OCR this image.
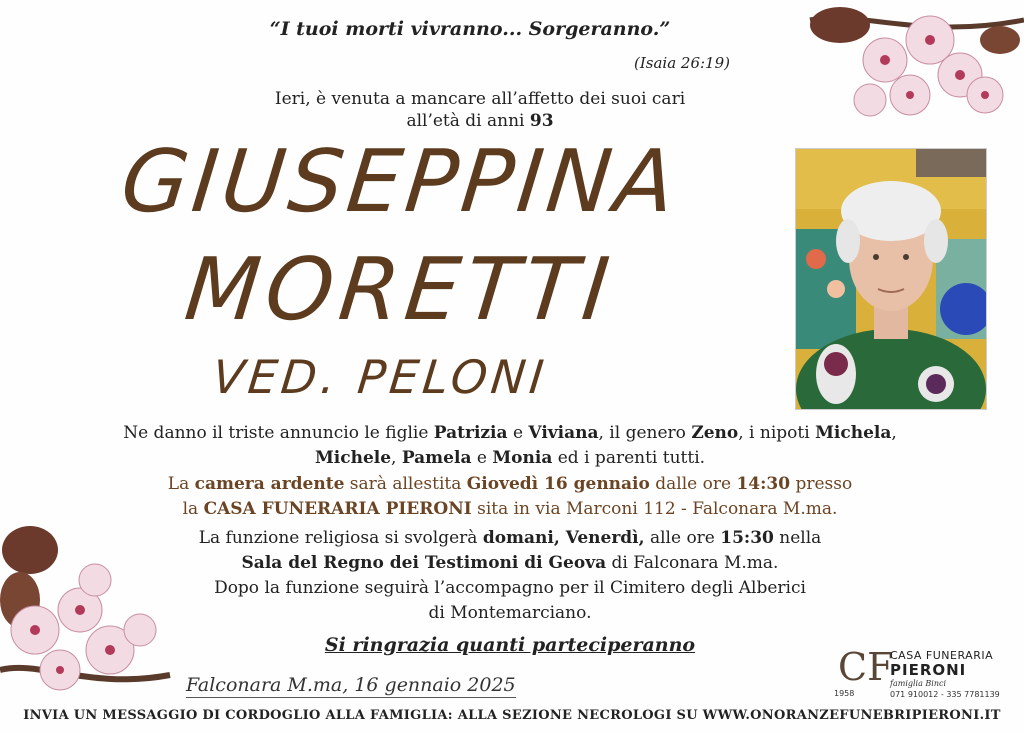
“I tuoi morti vivranno... Sorgeranno.”
(Isaia 26:19)
Ieri, è venuta a mancare all’affetto dei suoi cari
all’età di anni 93
GIUSEPPINA
MORETTI
VED. PELONI
Ne danno il triste annuncio le figlie Patrizia e Viviana, il genero Zeno, i nipoti Michela,
Michele, Pamela e Monia ed i parenti tutti.
La camera ardente sarà allestita Giovedì 16 gennaio dalle ore 14:30 presso
la CASA FUNERARIA PIERONI sita in via Marconi 112 - Falconara M.ma.
La funzione religiosa si svolgerà domani, Venerdì, alle ore 15:30 nella
Sala del Regno dei Testimoni di Geova di Falconara M.ma.
Dopo la funzione seguirà l’accompagno per il Cimitero degli Alberici
di Montemarciano.
Si ringrazia quanti parteciperanno
Falconara M.ma, 16 gennaio 2025	CF
1958
CASA FUNERARIA
PIERONI
famiglia Binci
071 910012 - 335 7781139
INVIA UN MESSAGGIO DI CORDOGLIO ALLA FAMIGLIA: ALLA SEZIONE NECROLOGI SU WWW.ONORANZEFUNEBRIPIERONI.IT
